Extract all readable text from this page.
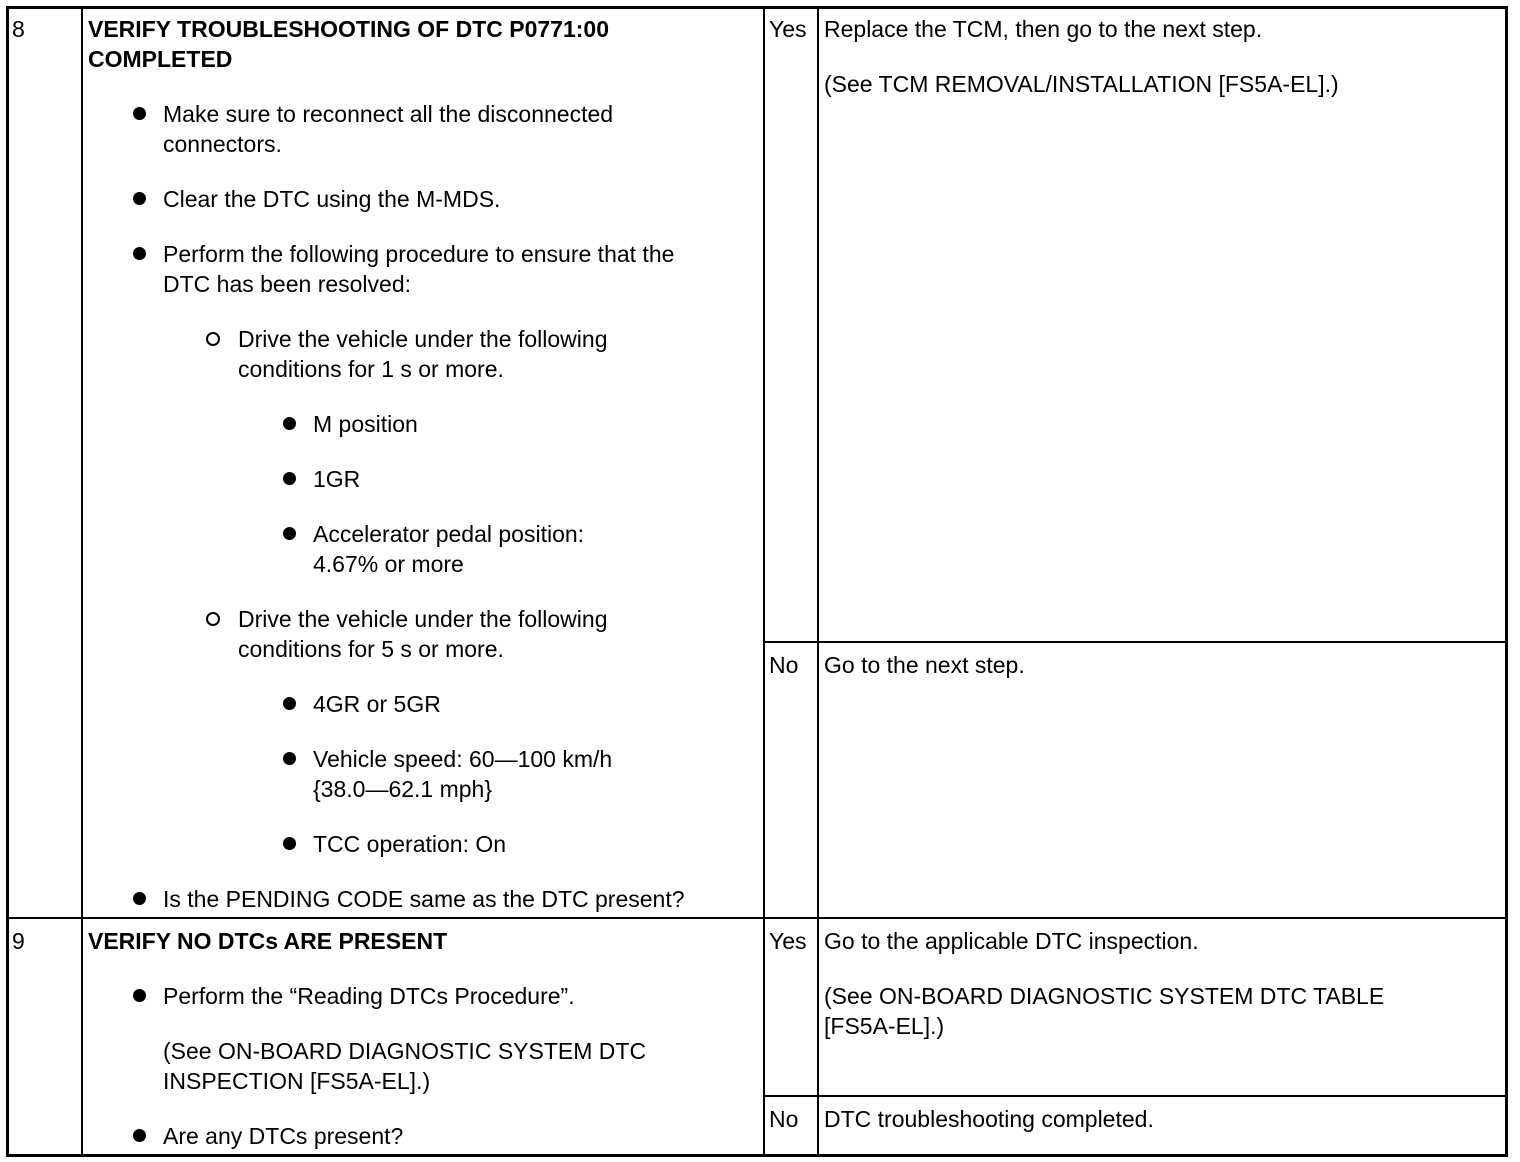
8	VERIFY TROUBLESHOOTING OF DTC P0771:00
COMPLETED
Make sure to reconnect all the disconnected
connectors.
Clear the DTC using the M-MDS.
Perform the following procedure to ensure that the
DTC has been resolved:
Drive the vehicle under the following
conditions for 1 s or more.
M position
1GR
Accelerator pedal position:
4.67% or more
Drive the vehicle under the following
conditions for 5 s or more.
4GR or 5GR
Vehicle speed: 60—100 km/h
{38.0—62.1 mph}
TCC operation: On
Is the PENDING CODE same as the DTC present?
Yes Replace the TCM, then go to the next step.
(See TCM REMOVAL/INSTALLATION [FS5A-EL].)
No Go to the next step.
9	VERIFY NO DTCs ARE PRESENT
Perform the “Reading DTCs Procedure”.
(See ON-BOARD DIAGNOSTIC SYSTEM DTC
INSPECTION [FS5A-EL].)
Are any DTCs present?
Yes Go to the applicable DTC inspection.
(See ON-BOARD DIAGNOSTIC SYSTEM DTC TABLE
[FS5A-EL].)
No DTC troubleshooting completed.
